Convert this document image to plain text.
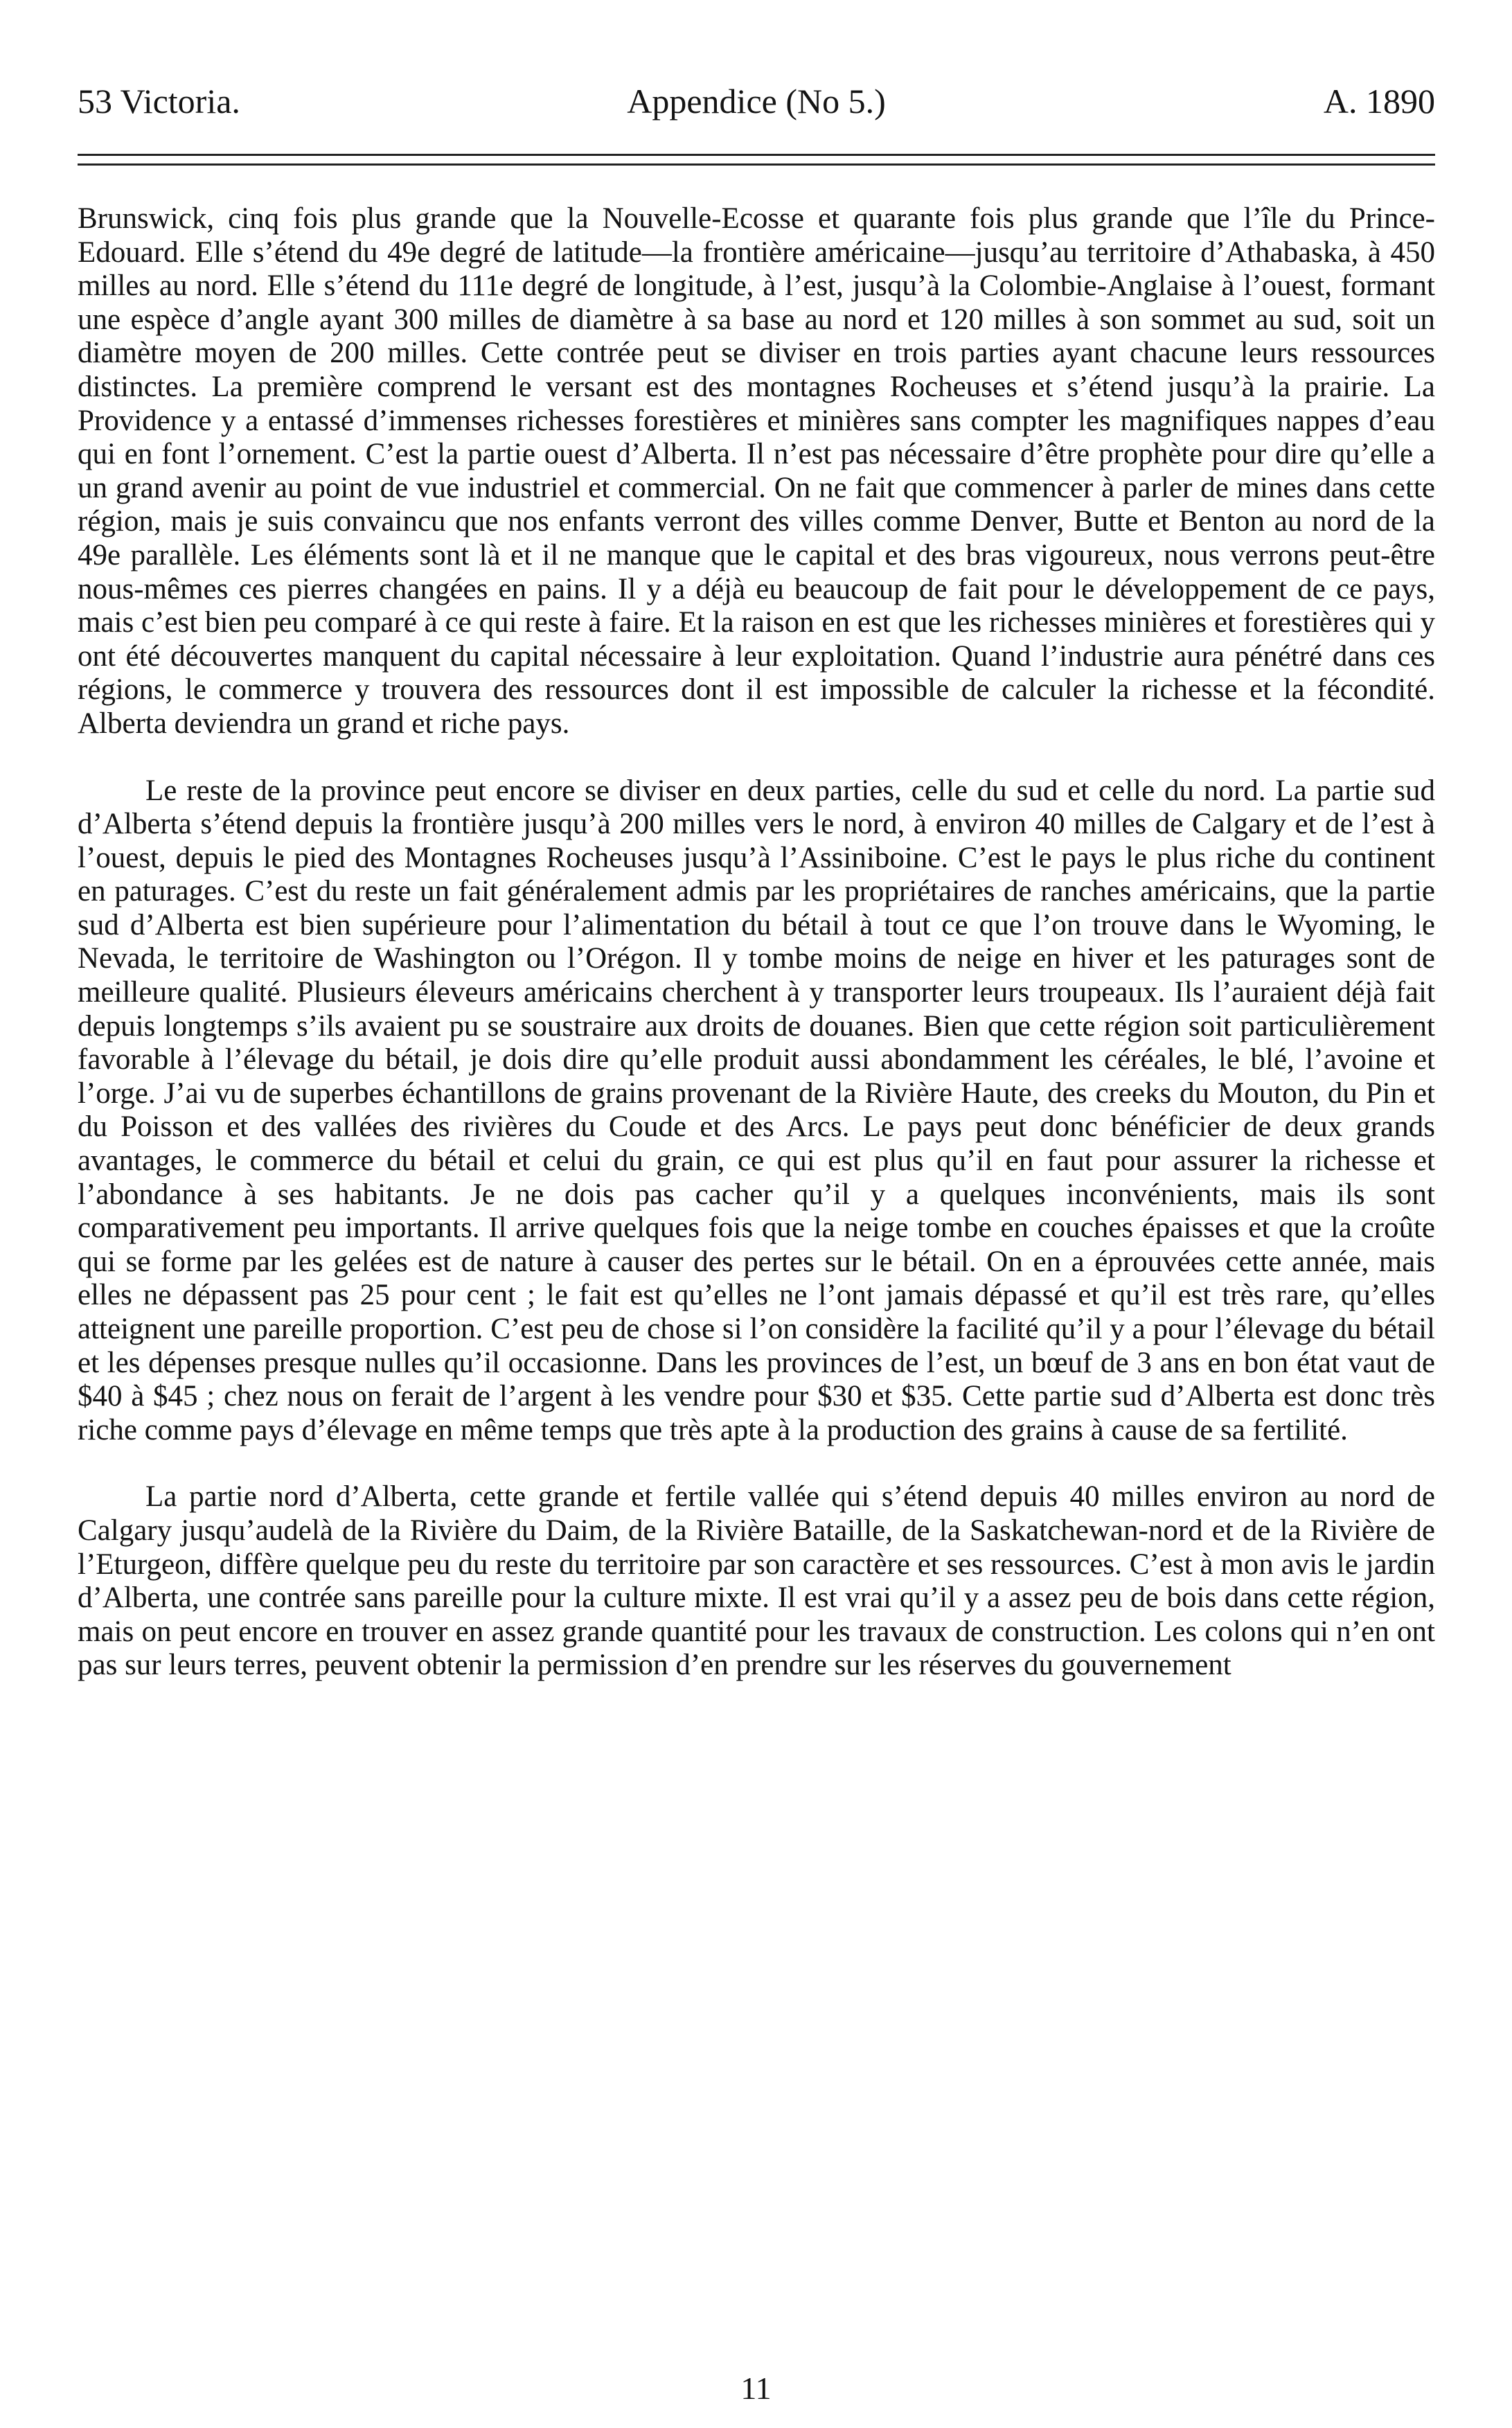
53 Victoria.	Appendice (No 5.)	A. 1890

Brunswick, cinq fois plus grande que la Nouvelle-Ecosse et quarante fois plus grande que l’île du Prince-Edouard. Elle s’étend du 49e degré de latitude—la frontière américaine—jusqu’au territoire d’Athabaska, à 450 milles au nord. Elle s’étend du 111e degré de longitude, à l’est, jusqu’à la Colombie-Anglaise à l’ouest, formant une espèce d’angle ayant 300 milles de diamètre à sa base au nord et 120 milles à son sommet au sud, soit un diamètre moyen de 200 milles. Cette contrée peut se diviser en trois parties ayant chacune leurs ressources distinctes. La première comprend le versant est des montagnes Rocheuses et s’étend jusqu’à la prairie. La Providence y a entassé d’immenses richesses forestières et minières sans compter les magnifiques nappes d’eau qui en font l’ornement. C’est la partie ouest d’Alberta. Il n’est pas nécessaire d’être prophète pour dire qu’elle a un grand avenir au point de vue industriel et commercial. On ne fait que commencer à parler de mines dans cette région, mais je suis convaincu que nos enfants verront des villes comme Denver, Butte et Benton au nord de la 49e parallèle. Les éléments sont là et il ne manque que le capital et des bras vigoureux, nous verrons peut-être nous-mêmes ces pierres changées en pains. Il y a déjà eu beaucoup de fait pour le développement de ce pays, mais c’est bien peu comparé à ce qui reste à faire. Et la raison en est que les richesses minières et forestières qui y ont été découvertes manquent du capital nécessaire à leur exploitation. Quand l’industrie aura pénétré dans ces régions, le commerce y trouvera des ressources dont il est impossible de calculer la richesse et la fécondité. Alberta deviendra un grand et riche pays.

Le reste de la province peut encore se diviser en deux parties, celle du sud et celle du nord. La partie sud d’Alberta s’étend depuis la frontière jusqu’à 200 milles vers le nord, à environ 40 milles de Calgary et de l’est à l’ouest, depuis le pied des Montagnes Rocheuses jusqu’à l’Assiniboine. C’est le pays le plus riche du continent en paturages. C’est du reste un fait généralement admis par les propriétaires de ranches américains, que la partie sud d’Alberta est bien supérieure pour l’alimentation du bétail à tout ce que l’on trouve dans le Wyoming, le Nevada, le territoire de Washington ou l’Orégon. Il y tombe moins de neige en hiver et les paturages sont de meilleure qualité. Plusieurs éleveurs américains cherchent à y transporter leurs troupeaux. Ils l’auraient déjà fait depuis longtemps s’ils avaient pu se soustraire aux droits de douanes. Bien que cette région soit particulièrement favorable à l’élevage du bétail, je dois dire qu’elle produit aussi abondamment les céréales, le blé, l’avoine et l’orge. J’ai vu de superbes échantillons de grains provenant de la Rivière Haute, des creeks du Mouton, du Pin et du Poisson et des vallées des rivières du Coude et des Arcs. Le pays peut donc bénéficier de deux grands avantages, le commerce du bétail et celui du grain, ce qui est plus qu’il en faut pour assurer la richesse et l’abondance à ses habitants. Je ne dois pas cacher qu’il y a quelques inconvénients, mais ils sont comparativement peu importants. Il arrive quelques fois que la neige tombe en couches épaisses et que la croûte qui se forme par les gelées est de nature à causer des pertes sur le bétail. On en a éprouvées cette année, mais elles ne dépassent pas 25 pour cent ; le fait est qu’elles ne l’ont jamais dépassé et qu’il est très rare, qu’elles atteignent une pareille proportion. C’est peu de chose si l’on considère la facilité qu’il y a pour l’élevage du bétail et les dépenses presque nulles qu’il occasionne. Dans les provinces de l’est, un bœuf de 3 ans en bon état vaut de $40 à $45 ; chez nous on ferait de l’argent à les vendre pour $30 et $35. Cette partie sud d’Alberta est donc très riche comme pays d’élevage en même temps que très apte à la production des grains à cause de sa fertilité.

La partie nord d’Alberta, cette grande et fertile vallée qui s’étend depuis 40 milles environ au nord de Calgary jusqu’audelà de la Rivière du Daim, de la Rivière Bataille, de la Saskatchewan-nord et de la Rivière de l’Eturgeon, diffère quelque peu du reste du territoire par son caractère et ses ressources. C’est à mon avis le jardin d’Alberta, une contrée sans pareille pour la culture mixte. Il est vrai qu’il y a assez peu de bois dans cette région, mais on peut encore en trouver en assez grande quantité pour les travaux de construction. Les colons qui n’en ont pas sur leurs terres, peuvent obtenir la permission d’en prendre sur les réserves du gouvernement

11
